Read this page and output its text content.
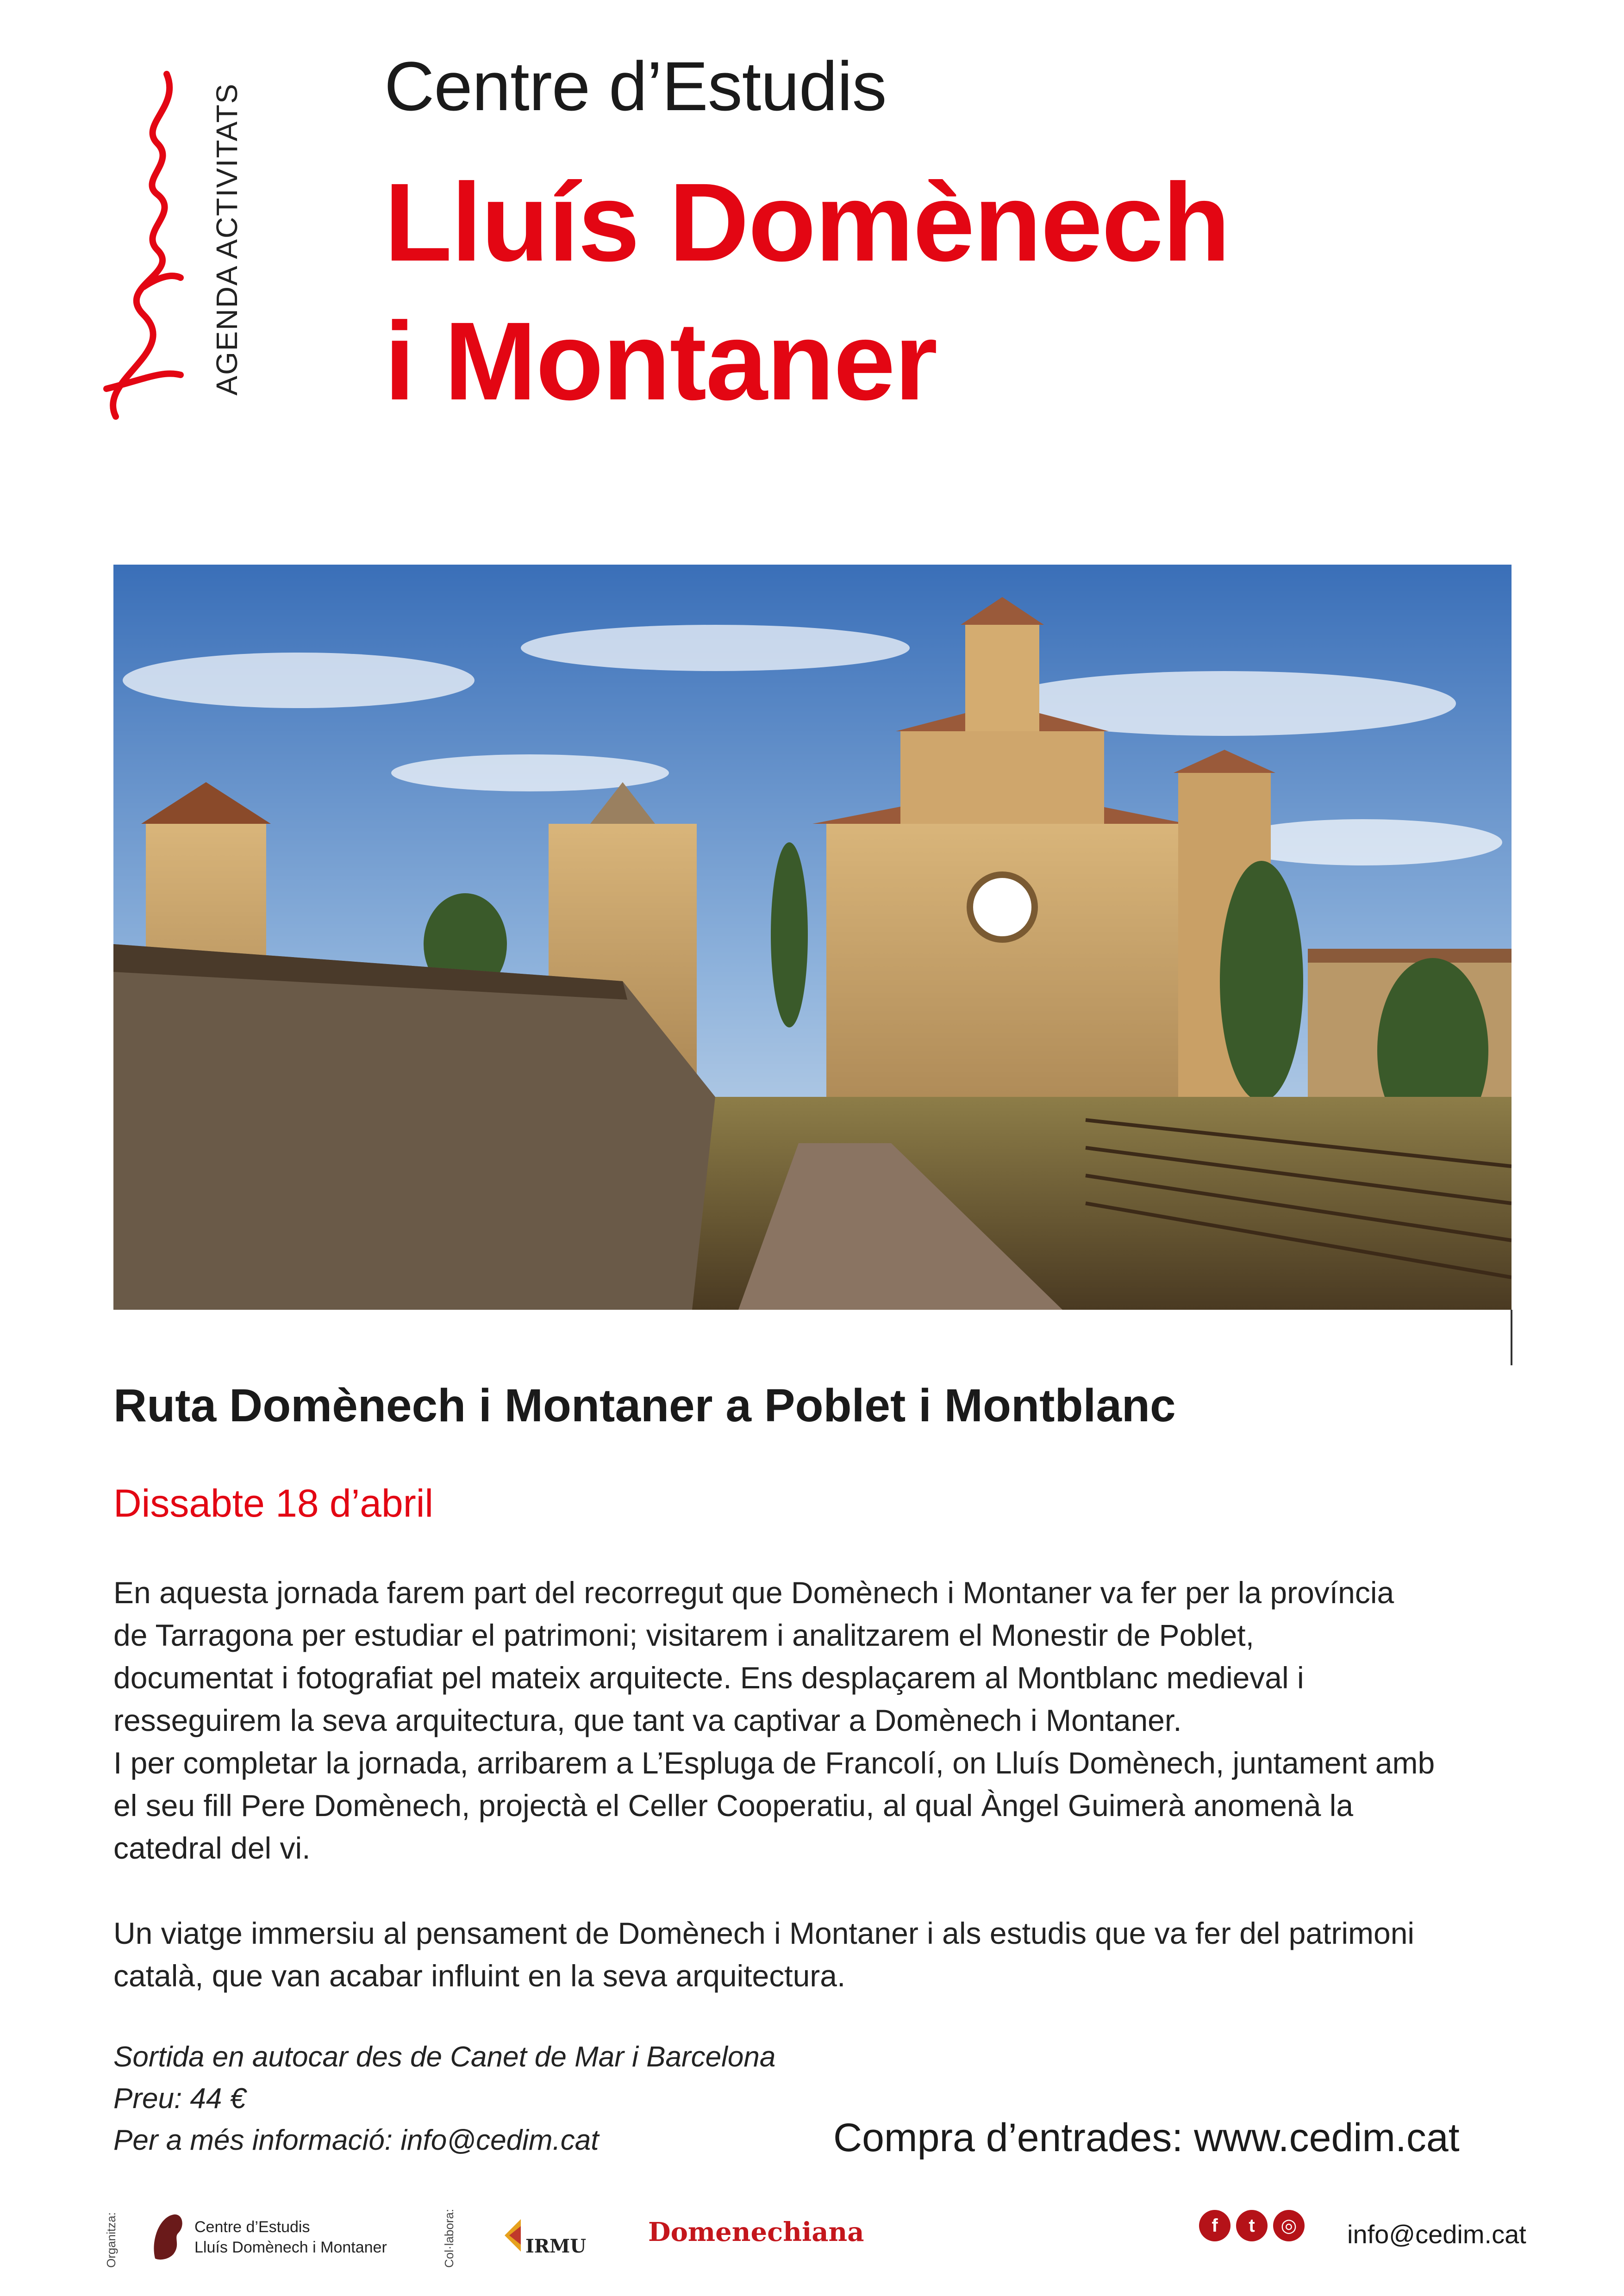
AGENDA ACTIVITATS Centre d’Estudis
Lluís Domènech
i Montaner
Ruta Domènech i Montaner a Poblet i Montblanc
Dissabte 18 d’abril

En aquesta jornada farem part del recorregut que Domènech i Montaner va fer per la província
de Tarragona per estudiar el patrimoni; visitarem i analitzarem el Monestir de Poblet,
documentat i fotografiat pel mateix arquitecte. Ens desplaçarem al Montblanc medieval i
resseguirem la seva arquitectura, que tant va captivar a Domènech i Montaner.
I per completar la jornada, arribarem a L’Espluga de Francolí, on Lluís Domènech, juntament amb
el seu fill Pere Domènech, projectà el Celler Cooperatiu, al qual Àngel Guimerà anomenà la
catedral del vi.

Un viatge immersiu al pensament de Domènech i Montaner i als estudis que va fer del patrimoni
català, que van acabar influint en la seva arquitectura.

Sortida en autocar des de Canet de Mar i Barcelona
Preu: 44 €
Per a més informació: info@cedim.cat	Compra d’entrades: www.cedim.cat
Organitza:	Centre d’Estudis
Lluís Domènech i Montaner	Col·labora:	IRMU Domenechiana	f	t	◎ info@cedim.cat
